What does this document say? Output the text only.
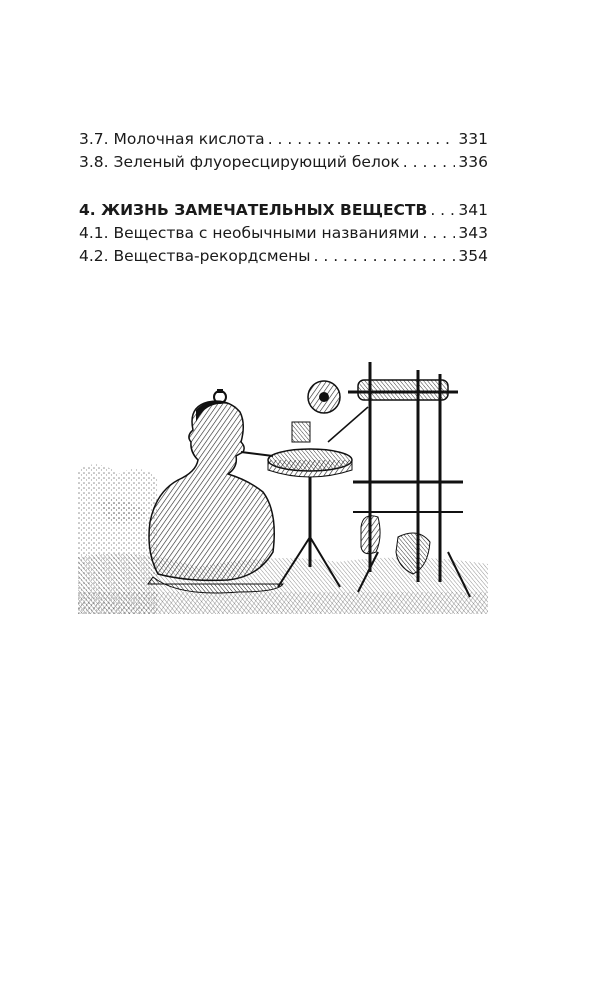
3.7. Молочная кислота . . .	331
3.8. Зеленый флуоресцирующий белок . . .	336
4. ЖИЗНЬ ЗАМЕЧАТЕЛЬНЫХ ВЕЩЕСТВ . . . 341
4.1. Вещества с необычными названиями . . .	343
4.2. Вещества-рекордсмены . . .	354
